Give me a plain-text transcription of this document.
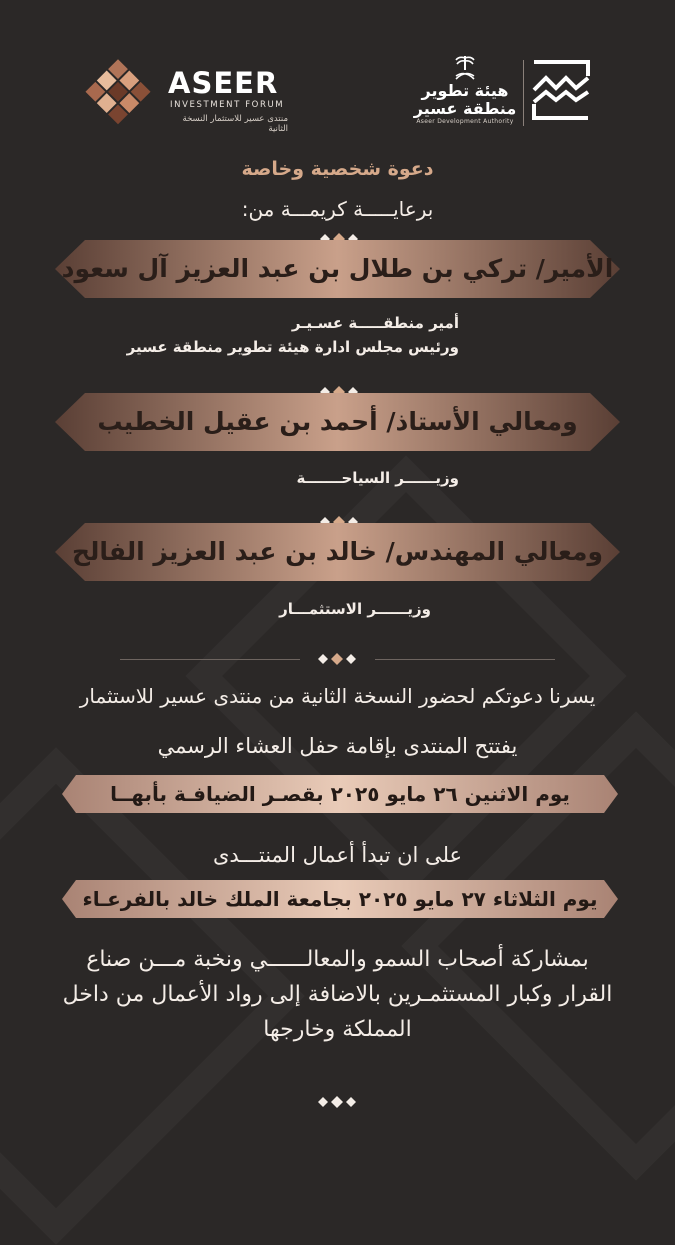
ASEER
INVESTMENT FORUM
منتدى عسير للاستثمار النسخة الثانية
هيئة تطوير
منطقة عسير
Aseer Development Authority
دعوة شخصية وخاصة
برعايـــــة كريمـــة من:
الأمير/ تركي بن طلال بن عبد العزيز آل سعود
أمير منطقـــــة عسـيـر
ورئيس مجلس ادارة هيئة تطوير منطقة عسير
ومعالي الأستاذ/ أحمد بن عقيل الخطيب
وزيــــــر السياحـــــــة
ومعالي المهندس/ خالد بن عبد العزيز الفالح
وزيــــــر الاستثمـــار
يسرنا دعوتكم لحضور النسخة الثانية من منتدى عسير للاستثمار
يفتتح المنتدى بإقامة حفل العشاء الرسمي
يوم الاثنين ٢٦ مايو ٢٠٢٥ بقصـر الضيافـة بأبهــا
على ان تبدأ أعمال المنتـــدى
يوم الثلاثاء ٢٧ مايو ٢٠٢٥ بجامعة الملك خالد بالفرعـاء
بمشاركة أصحاب السمو والمعالــــــي ونخبة مـــن صناع القرار وكبار المستثمـرين بالاضافة إلى رواد الأعمال من داخل المملكة وخارجها
